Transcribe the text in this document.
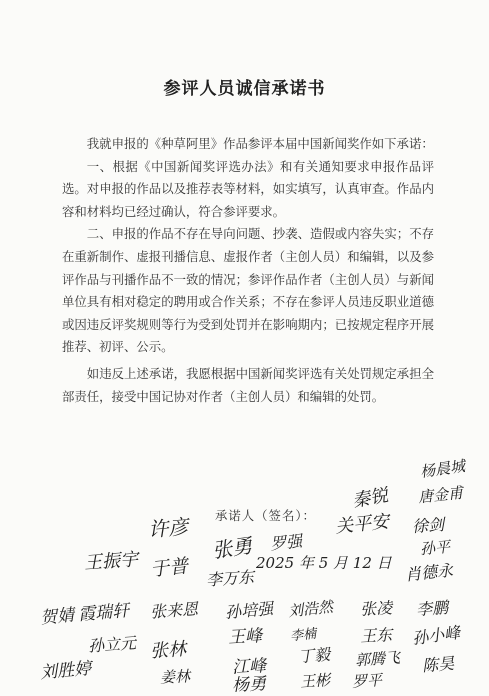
参评人员诚信承诺书

我就申报的《种草阿里》作品参评本届中国新闻奖作如下承诺：

一、根据《中国新闻奖评选办法》和有关通知要求申报作品评选。对申报的作品以及推荐表等材料，如实填写，认真审查。作品内容和材料均已经过确认，符合参评要求。

二、申报的作品不存在导向问题、抄袭、造假或内容失实；不存在重新制作、虚报刊播信息、虚报作者（主创人员）和编辑，以及参评作品与刊播作品不一致的情况；参评作品作者（主创人员）与新闻单位具有相对稳定的聘用或合作关系；不存在参评人员违反职业道德或因违反评奖规则等行为受到处罚并在影响期内；已按规定程序开展推荐、初评、公示。

如违反上述承诺，我愿根据中国新闻奖评选有关处罚规定承担全部责任，接受中国记协对作者（主创人员）和编辑的处罚。

承诺人（签名）：
2025 年 5 月 12 日
杨晨城
唐金甫
徐剑
孙平
秦锐
关平安
许彦
张勇 罗强
王振宇 于普 李万东	肖德永
贺婧 霞瑞轩 张来恩 孙培强 刘浩然 张凌 李鹏
孙立元	王峰 李楠	王东 孙小峰
刘胜婷
张林	丁毅 郭腾飞
姜林 江峰
杨勇 王彬 罗平
陈昊
